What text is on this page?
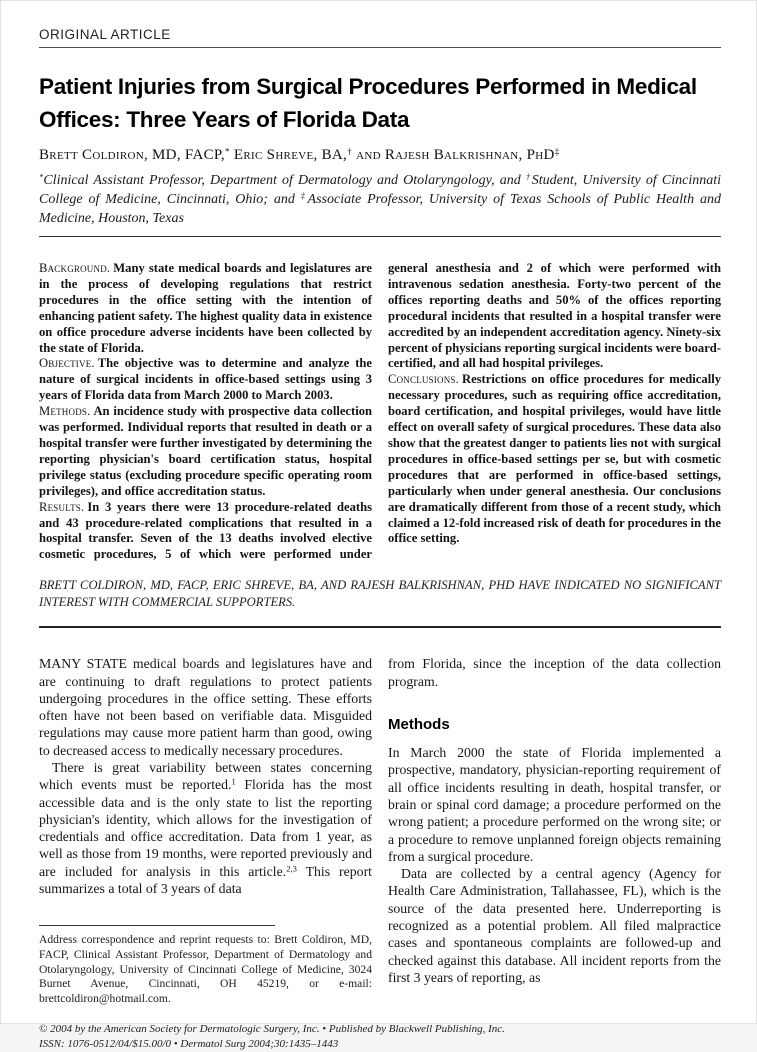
ORIGINAL ARTICLE
Patient Injuries from Surgical Procedures Performed in Medical Offices: Three Years of Florida Data
Brett Coldiron, MD, FACP,* Eric Shreve, BA,† and Rajesh Balkrishnan, PhD‡
*Clinical Assistant Professor, Department of Dermatology and Otolaryngology, and †Student, University of Cincinnati College of Medicine, Cincinnati, Ohio; and ‡Associate Professor, University of Texas Schools of Public Health and Medicine, Houston, Texas
Background. Many state medical boards and legislatures are in the process of developing regulations that restrict procedures in the office setting with the intention of enhancing patient safety. The highest quality data in existence on office procedure adverse incidents have been collected by the state of Florida.
Objective. The objective was to determine and analyze the nature of surgical incidents in office-based settings using 3 years of Florida data from March 2000 to March 2003.
Methods. An incidence study with prospective data collection was performed. Individual reports that resulted in death or a hospital transfer were further investigated by determining the reporting physician's board certification status, hospital privilege status (excluding procedure specific operating room privileges), and office accreditation status.
Results. In 3 years there were 13 procedure-related deaths and 43 procedure-related complications that resulted in a hospital transfer. Seven of the 13 deaths involved elective cosmetic procedures, 5 of which were performed under general anesthesia and 2 of which were performed with intravenous sedation anesthesia. Forty-two percent of the offices reporting deaths and 50% of the offices reporting procedural incidents that resulted in a hospital transfer were accredited by an independent accreditation agency. Ninety-six percent of physicians reporting surgical incidents were board-certified, and all had hospital privileges.
Conclusions. Restrictions on office procedures for medically necessary procedures, such as requiring office accreditation, board certification, and hospital privileges, would have little effect on overall safety of surgical procedures. These data also show that the greatest danger to patients lies not with surgical procedures in office-based settings per se, but with cosmetic procedures that are performed in office-based settings, particularly when under general anesthesia. Our conclusions are dramatically different from those of a recent study, which claimed a 12-fold increased risk of death for procedures in the office setting.
BRETT COLDIRON, MD, FACP, ERIC SHREVE, BA, AND RAJESH BALKRISHNAN, PHD HAVE INDICATED NO SIGNIFICANT INTEREST WITH COMMERCIAL SUPPORTERS.

MANY STATE medical boards and legislatures have and are continuing to draft regulations to protect patients undergoing procedures in the office setting. These efforts often have not been based on verifiable data. Misguided regulations may cause more patient harm than good, owing to decreased access to medically necessary procedures.

There is great variability between states concerning which events must be reported.$^1$ Florida has the most accessible data and is the only state to list the reporting physician's identity, which allows for the investigation of credentials and office accreditation. Data from 1 year, as well as those from 19 months, were reported previously and are included for analysis in this article.$^{2,3}$ This report summarizes a total of 3 years of data

Address correspondence and reprint requests to: Brett Coldiron, MD, FACP, Clinical Assistant Professor, Department of Dermatology and Otolaryngology, University of Cincinnati College of Medicine, 3024 Burnet Avenue, Cincinnati, OH 45219, or e-mail: brettcoldiron@hotmail.com.

from Florida, since the inception of the data collection program.

Methods

In March 2000 the state of Florida implemented a prospective, mandatory, physician-reporting requirement of all office incidents resulting in death, hospital transfer, or brain or spinal cord damage; a procedure performed on the wrong patient; a procedure performed on the wrong site; or a procedure to remove unplanned foreign objects remaining from a surgical procedure.

Data are collected by a central agency (Agency for Health Care Administration, Tallahassee, FL), which is the source of the data presented here. Underreporting is recognized as a potential problem. All filed malpractice cases and spontaneous complaints are followed-up and checked against this database. All incident reports from the first 3 years of reporting, as

© 2004 by the American Society for Dermatologic Surgery, Inc. • Published by Blackwell Publishing, Inc.
ISSN: 1076-0512/04/$15.00/0 • Dermatol Surg 2004;30:1435–1443
